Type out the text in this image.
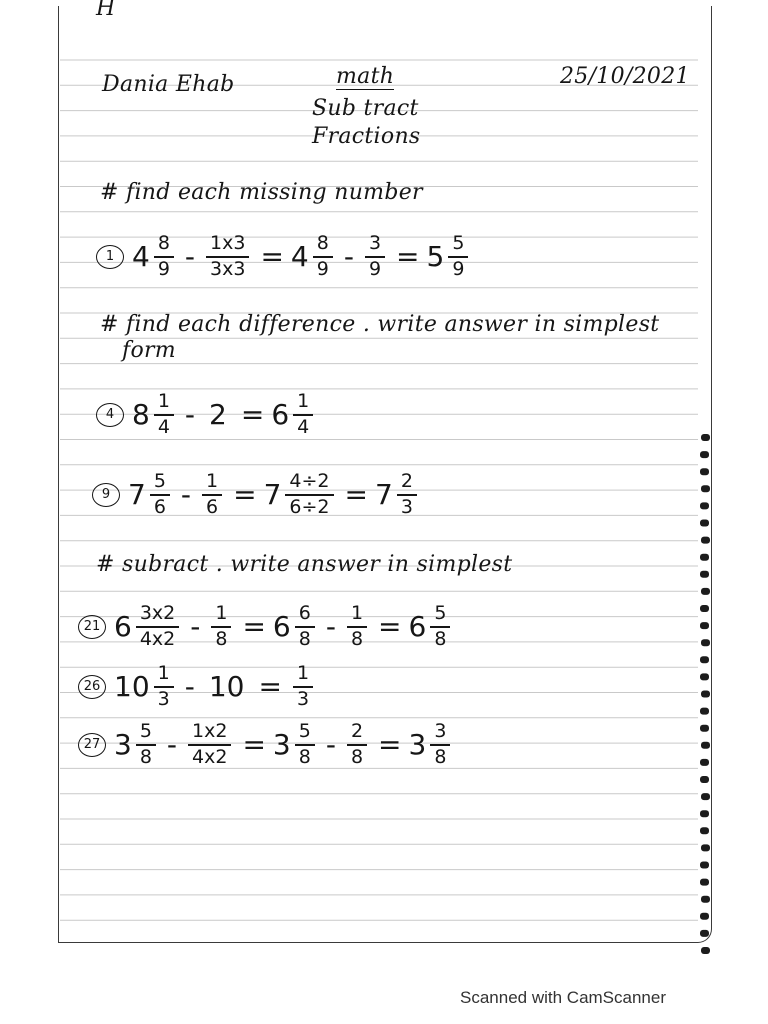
H

Dania Ehab	math

Sub tract

Fractions

25/10/2021

# find each missing number

1 $4 \frac{8}{9} - \frac{1x3}{3x3} = 4 \frac{8}{9} - \frac{3}{9} = 5 \frac{5}{9}$

# find each difference . write answer in simplest

form

4 $8 \frac{1}{4} - 2 = 6 \frac{1}{4}$
9 $7 \frac{5}{6} - \frac{1}{6} = 7 \frac{4\div 2}{6\div 2} = 7 \frac{2}{3}$

# subract . write answer in simplest

21 $6 \frac{3x2}{4x2} - \frac{1}{8} = 6 \frac{6}{8} - \frac{1}{8} = 6 \frac{5}{8}$
26 $10 \frac{1}{3} - 10 = \frac{1}{3}$
27 $3 \frac{5}{8} - \frac{1x2}{4x2} = 3 \frac{5}{8} - \frac{2}{8} = 3 \frac{3}{8}$

Scanned with CamScanner
